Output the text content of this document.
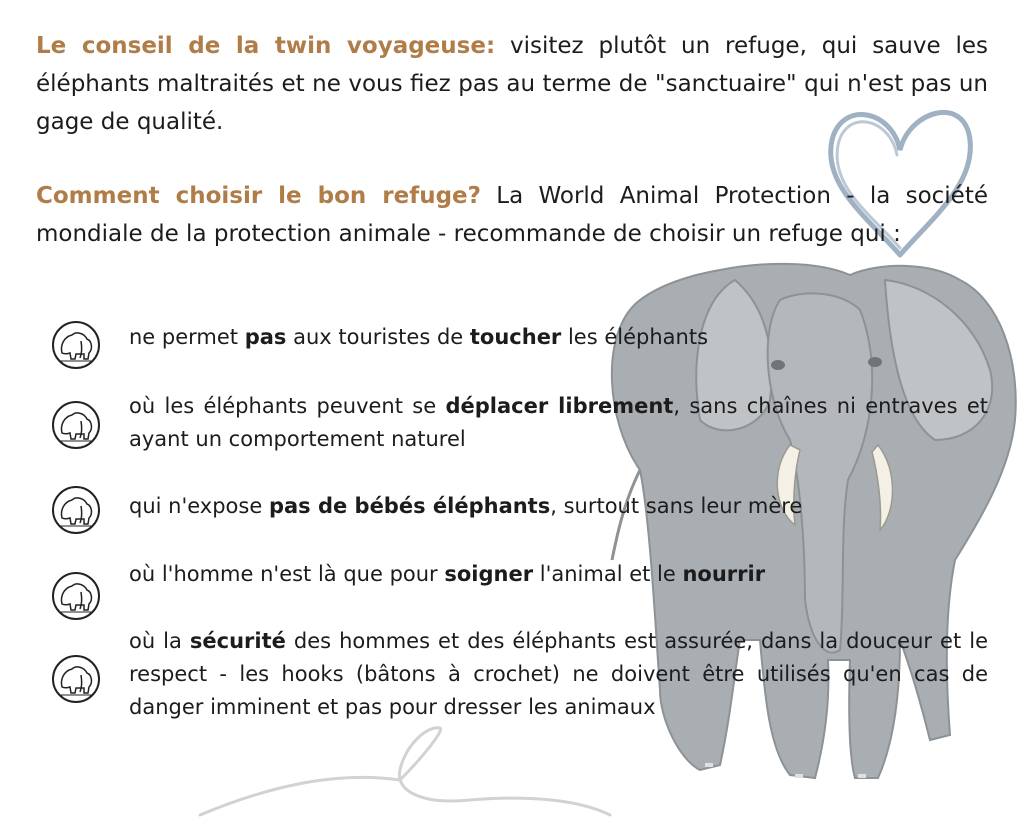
Le conseil de la twin voyageuse: visitez plutôt un refuge, qui sauve les éléphants maltraités et ne vous fiez pas au terme de "sanctuaire" qui n'est pas un gage de qualité.

Comment choisir le bon refuge? La World Animal Protection - la société mondiale de la protection animale - recommande de choisir un refuge qui :

ne permet pas aux touristes de toucher les éléphants

où les éléphants peuvent se déplacer librement, sans chaînes ni entraves et ayant un comportement naturel

qui n'expose pas de bébés éléphants, surtout sans leur mère

où l'homme n'est là que pour soigner l'animal et le nourrir

où la sécurité des hommes et des éléphants est assurée, dans la douceur et le respect - les hooks (bâtons à crochet) ne doivent être utilisés qu'en cas de danger imminent et pas pour dresser les animaux
